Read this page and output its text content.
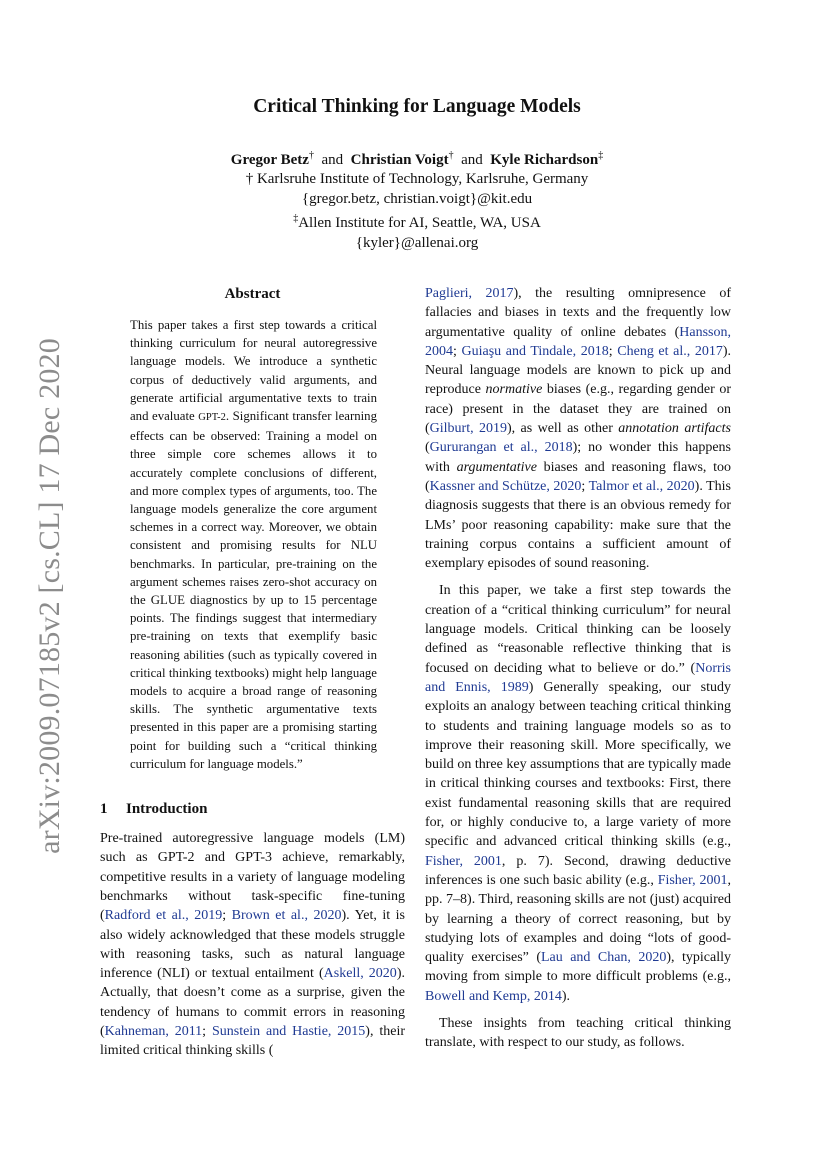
arXiv:2009.07185v2 [cs.CL] 17 Dec 2020
Critical Thinking for Language Models
Gregor Betz† and Christian Voigt† and Kyle Richardson‡
† Karlsruhe Institute of Technology, Karlsruhe, Germany
{gregor.betz, christian.voigt}@kit.edu
‡Allen Institute for AI, Seattle, WA, USA
{kyler}@allenai.org
Abstract

This paper takes a first step towards a critical thinking curriculum for neural autoregressive language models. We introduce a synthetic corpus of deductively valid arguments, and generate artificial argumentative texts to train and evaluate GPT-2. Significant transfer learning effects can be observed: Training a model on three simple core schemes allows it to accurately complete conclusions of different, and more complex types of arguments, too. The language models generalize the core argument schemes in a correct way. Moreover, we obtain consistent and promising results for NLU benchmarks. In particular, pre-training on the argument schemes raises zero-shot accuracy on the GLUE diagnostics by up to 15 percentage points. The findings suggest that intermediary pre-training on texts that exemplify basic reasoning abilities (such as typically covered in critical thinking textbooks) might help language models to acquire a broad range of reasoning skills. The synthetic argumentative texts presented in this paper are a promising starting point for building such a “critical thinking curriculum for language models.”

1 Introduction

Pre-trained autoregressive language models (LM) such as GPT-2 and GPT-3 achieve, remarkably, competitive results in a variety of language modeling benchmarks without task-specific fine-tuning (Radford et al., 2019; Brown et al., 2020). Yet, it is also widely acknowledged that these models struggle with reasoning tasks, such as natural language inference (NLI) or textual entailment (Askell, 2020). Actually, that doesn’t come as a surprise, given the tendency of humans to commit errors in reasoning (Kahneman, 2011; Sunstein and Hastie, 2015), their limited critical thinking skills (

Paglieri, 2017), the resulting omnipresence of fallacies and biases in texts and the frequently low argumentative quality of online debates (Hansson, 2004; Guiaşu and Tindale, 2018; Cheng et al., 2017). Neural language models are known to pick up and reproduce normative biases (e.g., regarding gender or race) present in the dataset they are trained on (Gilburt, 2019), as well as other annotation artifacts (Gururangan et al., 2018); no wonder this happens with argumentative biases and reasoning flaws, too (Kassner and Schütze, 2020; Talmor et al., 2020). This diagnosis suggests that there is an obvious remedy for LMs’ poor reasoning capability: make sure that the training corpus contains a sufficient amount of exemplary episodes of sound reasoning.

In this paper, we take a first step towards the creation of a “critical thinking curriculum” for neural language models. Critical thinking can be loosely defined as “reasonable reflective thinking that is focused on deciding what to believe or do.” (Norris and Ennis, 1989) Generally speaking, our study exploits an analogy between teaching critical thinking to students and training language models so as to improve their reasoning skill. More specifically, we build on three key assumptions that are typically made in critical thinking courses and textbooks: First, there exist fundamental reasoning skills that are required for, or highly conducive to, a large variety of more specific and advanced critical thinking skills (e.g., Fisher, 2001, p. 7). Second, drawing deductive inferences is one such basic ability (e.g., Fisher, 2001, pp. 7–8). Third, reasoning skills are not (just) acquired by learning a theory of correct reasoning, but by studying lots of examples and doing “lots of good-quality exercises” (Lau and Chan, 2020), typically moving from simple to more difficult problems (e.g., Bowell and Kemp, 2014).

These insights from teaching critical thinking translate, with respect to our study, as follows.
